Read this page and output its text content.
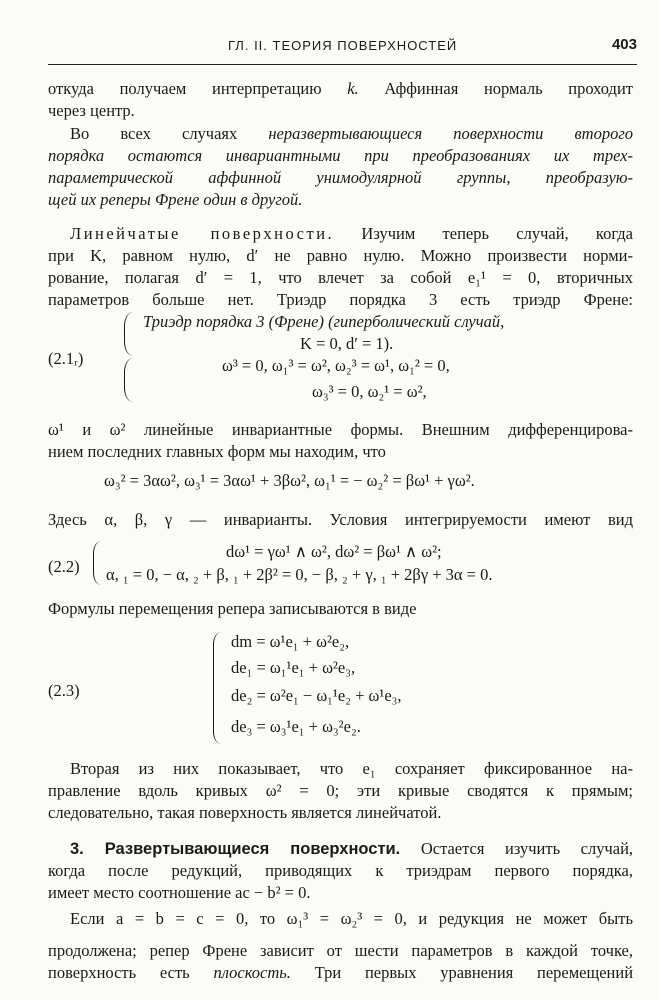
ГЛ. II. ТЕОРИЯ ПОВЕРХНОСТЕЙ	403
откуда получаем интерпретацию k. Аффинная нормаль проходит
через центр.
Во всех случаях неразвертывающиеся поверхности второго
порядка остаются инвариантными при преобразованиях их трех-
параметрической аффинной унимодулярной группы, преобразую-
щей их реперы Френе один в другой.
Линейчатые поверхности. Изучим теперь случай, когда
при K, равном нулю, d′ не равно нулю. Можно произвести норми-
рование, полагая d′ = 1, что влечет за собой e₁¹ = 0, вторичных
параметров больше нет. Триэдр порядка 3 есть триэдр Френе:
(2.1ᵣ)
Триэдр порядка 3 (Френе) (гиперболический случай,
K = 0, d′ = 1).
ω³ = 0, ω₁³ = ω², ω₂³ = ω¹, ω₁² = 0,
ω₃³ = 0, ω₂¹ = ω²,
ω¹ и ω² линейные инвариантные формы. Внешним дифференцирова-
нием последних главных форм мы находим, что
ω₃² = 3αω², ω₃¹ = 3αω¹ + 3βω², ω₁¹ = − ω₂² = βω¹ + γω².
Здесь α, β, γ — инварианты. Условия интегрируемости имеют вид
(2.2)
dω¹ = γω¹ ∧ ω², dω² = βω¹ ∧ ω²;
α, ₁ = 0, − α, ₂ + β, ₁ + 2β² = 0, − β, ₂ + γ, ₁ + 2βγ + 3α = 0.
Формулы перемещения репера записываются в виде
(2.3)
dm = ω¹e₁ + ω²e₂,
de₁ = ω₁¹e₁ + ω²e₃,
de₂ = ω²e₁ − ω₁¹e₂ + ω¹e₃,
de₃ = ω₃¹e₁ + ω₃²e₂.
Вторая из них показывает, что e₁ сохраняет фиксированное на-
правление вдоль кривых ω² = 0; эти кривые сводятся к прямым;
следовательно, такая поверхность является линейчатой.
3. Развертывающиеся поверхности. Остается изучить случай,
когда после редукций, приводящих к триэдрам первого порядка,
имеет место соотношение ac − b² = 0.
Если a = b = c = 0, то ω₁³ = ω₂³ = 0, и редукция не может быть
продолжена; репер Френе зависит от шести параметров в каждой точке,
поверхность есть плоскость. Три первых уравнения перемещений
